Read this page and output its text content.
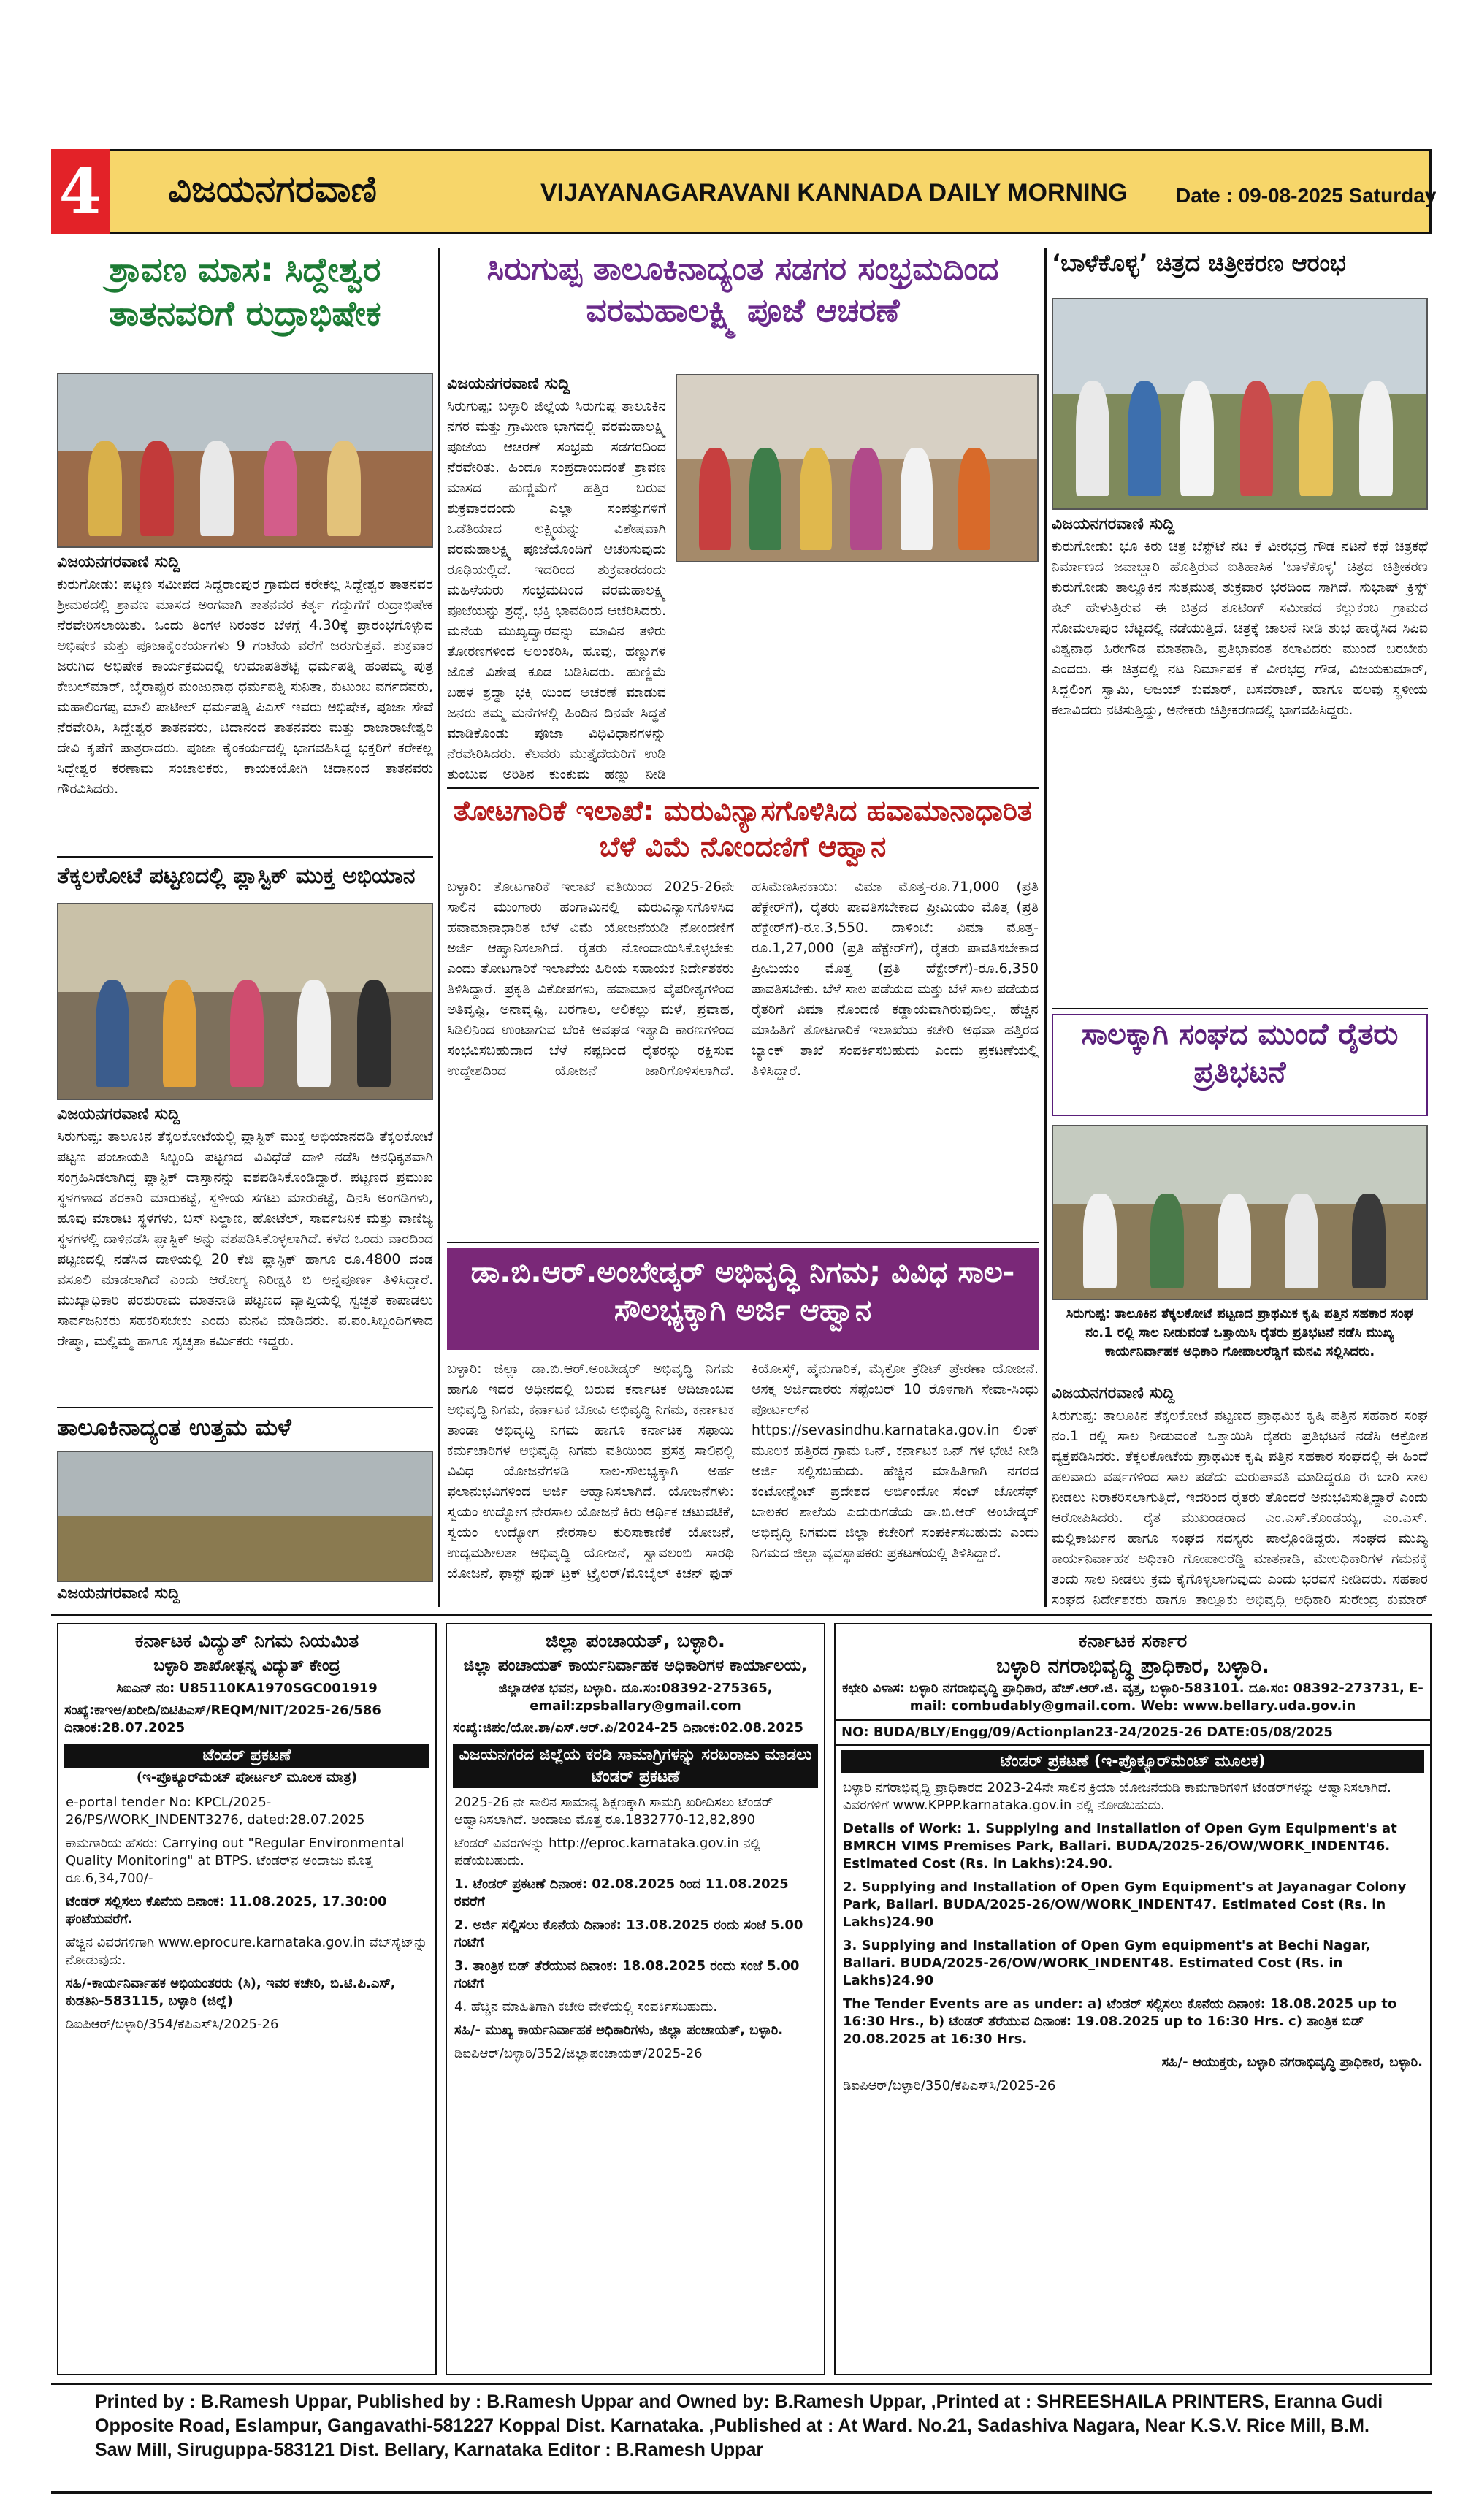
4 ವಿಜಯನಗರವಾಣಿ	VIJAYANAGARAVANI KANNADA DAILY MORNING Date : 09-08-2025 Saturday
ಶ್ರಾವಣ ಮಾಸ: ಸಿದ್ದೇಶ್ವರ ತಾತನವರಿಗೆ ರುದ್ರಾಭಿಷೇಕ
ವಿಜಯನಗರವಾಣಿ ಸುದ್ದಿ
ಕುರುಗೋಡು: ಪಟ್ಟಣ ಸಮೀಪದ ಸಿದ್ದರಾಂಪುರ ಗ್ರಾಮದ ಕರೇಕಲ್ಲ ಸಿದ್ದೇಶ್ವರ ತಾತನವರ ಶ್ರೀಮಠದಲ್ಲಿ ಶ್ರಾವಣ ಮಾಸದ ಅಂಗವಾಗಿ ತಾತನವರ ಕರ್ತೃ ಗದ್ದುಗೆಗೆ ರುದ್ರಾಭಿಷೇಕ ನೆರವೇರಿಸಲಾಯಿತು. ಒಂದು ತಿಂಗಳ ನಿರಂತರ ಬೆಳಗ್ಗೆ 4.30ಕ್ಕೆ ಪ್ರಾರಂಭಗೊಳ್ಳುವ ಅಭಿಷೇಕ ಮತ್ತು ಪೂಜಾಕೈಂಕರ್ಯಗಳು 9 ಗಂಟೆಯ ವರೆಗೆ ಜರುಗುತ್ತವೆ. ಶುಕ್ರವಾರ ಜರುಗಿದ ಅಭಿಷೇಕ ಕಾರ್ಯಕ್ರಮದಲ್ಲಿ ಉಮಾಪತಿಶೆಟ್ಟಿ ಧರ್ಮಪತ್ನಿ ಹಂಪಮ್ಮ ಪುತ್ರ ಕೇಬಲ್‌ಮಾರ್, ಬೈರಾಪ್ಪುರ ಮಂಜುನಾಥ ಧರ್ಮಪತ್ನಿ ಸುನಿತಾ, ಕುಟುಂಬ ವರ್ಗದವರು, ಮಹಾಲಿಂಗಪ್ಪ ಮಾಲಿ ಪಾಟೀಲ್ ಧರ್ಮಪತ್ನಿ ಪಿಎಸ್ ಇವರು ಅಭಿಷೇಕ, ಪೂಜಾ ಸೇವೆ ನೆರವೇರಿಸಿ, ಸಿದ್ದೇಶ್ವರ ತಾತನವರು, ಚಿದಾನಂದ ತಾತನವರು ಮತ್ತು ರಾಜಾರಾಜೇಶ್ವರಿ ದೇವಿ ಕೃಪೆಗೆ ಪಾತ್ರರಾದರು. ಪೂಜಾ ಕೈಂಕರ್ಯದಲ್ಲಿ ಭಾಗವಹಿಸಿದ್ದ ಭಕ್ತರಿಗೆ ಕರೇಕಲ್ಲ ಸಿದ್ದೇಶ್ವರ ಕರಣಾಮ ಸಂಚಾಲಕರು, ಕಾಯಕಯೋಗಿ ಚಿದಾನಂದ ತಾತನವರು ಗೌರವಿಸಿದರು.
ತೆಕ್ಕಲಕೋಟೆ ಪಟ್ಟಣದಲ್ಲಿ ಪ್ಲಾಸ್ಟಿಕ್ ಮುಕ್ತ ಅಭಿಯಾನ
ವಿಜಯನಗರವಾಣಿ ಸುದ್ದಿ
ಸಿರುಗುಪ್ಪ: ತಾಲೂಕಿನ ತೆಕ್ಕಲಕೋಟೆಯಲ್ಲಿ ಪ್ಲಾಸ್ಟಿಕ್ ಮುಕ್ತ ಅಭಿಯಾನದಡಿ ತೆಕ್ಕಲಕೋಟೆ ಪಟ್ಟಣ ಪಂಚಾಯತಿ ಸಿಬ್ಬಂದಿ ಪಟ್ಟಣದ ವಿವಿಧೆಡೆ ದಾಳಿ ನಡೆಸಿ ಅನಧಿಕೃತವಾಗಿ ಸಂಗ್ರಹಿಸಿಡಲಾಗಿದ್ದ ಪ್ಲಾಸ್ಟಿಕ್ ದಾಸ್ತಾನನ್ನು ವಶಪಡಿಸಿಕೊಂಡಿದ್ದಾರೆ. ಪಟ್ಟಣದ ಪ್ರಮುಖ ಸ್ಥಳಗಳಾದ ತರಕಾರಿ ಮಾರುಕಟ್ಟೆ, ಸ್ಥಳೀಯ ಸಗಟು ಮಾರುಕಟ್ಟೆ, ದಿನಸಿ ಅಂಗಡಿಗಳು, ಹೂವು ಮಾರಾಟ ಸ್ಥಳಗಳು, ಬಸ್ ನಿಲ್ದಾಣ, ಹೋಟೆಲ್, ಸಾರ್ವಜನಿಕ ಮತ್ತು ವಾಣಿಜ್ಯ ಸ್ಥಳಗಳಲ್ಲಿ ದಾಳಿನಡೆಸಿ ಪ್ಲಾಸ್ಟಿಕ್ ಅನ್ನು ವಶಪಡಿಸಿಕೊಳ್ಳಲಾಗಿದೆ. ಕಳೆದ ಒಂದು ವಾರದಿಂದ ಪಟ್ಟಣದಲ್ಲಿ ನಡೆಸಿದ ದಾಳಿಯಲ್ಲಿ 20 ಕೆಜಿ ಪ್ಲಾಸ್ಟಿಕ್ ಹಾಗೂ ರೂ.4800 ದಂಡ ವಸೂಲಿ ಮಾಡಲಾಗಿದೆ ಎಂದು ಆರೋಗ್ಯ ನಿರೀಕ್ಷಕಿ ಬಿ ಅನ್ನಪೂರ್ಣ ತಿಳಿಸಿದ್ದಾರೆ. ಮುಖ್ಯಾಧಿಕಾರಿ ಪರಶುರಾಮ ಮಾತನಾಡಿ ಪಟ್ಟಣದ ವ್ಯಾಪ್ತಿಯಲ್ಲಿ ಸ್ವಚ್ಛತೆ ಕಾಪಾಡಲು ಸಾರ್ವಜನಿಕರು ಸಹಕರಿಸಬೇಕು ಎಂದು ಮನವಿ ಮಾಡಿದರು. ಪ.ಪಂ.ಸಿಬ್ಬಂದಿಗಳಾದ ರೇಷ್ಮಾ, ಮಲ್ಲಿಮ್ಮ ಹಾಗೂ ಸ್ವಚ್ಛತಾ ಕರ್ಮಿಕರು ಇದ್ದರು.
ತಾಲೂಕಿನಾದ್ಯಂತ ಉತ್ತಮ ಮಳೆ
ವಿಜಯನಗರವಾಣಿ ಸುದ್ದಿ
ಸಿರುಗುಪ್ಪ ತಾಲೂಕಿನಾದ್ಯಂತ ಸಡಗರ ಸಂಭ್ರಮದಿಂದ ವರಮಹಾಲಕ್ಷ್ಮಿ ಪೂಜೆ ಆಚರಣೆ
ವಿಜಯನಗರವಾಣಿ ಸುದ್ದಿ
ಸಿರುಗುಪ್ಪ: ಬಳ್ಳಾರಿ ಜಿಲ್ಲೆಯ ಸಿರುಗುಪ್ಪ ತಾಲೂಕಿನ ನಗರ ಮತ್ತು ಗ್ರಾಮೀಣ ಭಾಗದಲ್ಲಿ ವರಮಹಾಲಕ್ಷ್ಮಿ ಪೂಜೆಯ ಆಚರಣೆ ಸಂಭ್ರಮ ಸಡಗರದಿಂದ ನೆರವೇರಿತು. ಹಿಂದೂ ಸಂಪ್ರದಾಯದಂತೆ ಶ್ರಾವಣ ಮಾಸದ ಹುಣ್ಣಿಮೆಗೆ ಹತ್ತಿರ ಬರುವ ಶುಕ್ರವಾರದಂದು ಎಲ್ಲಾ ಸಂಪತ್ತುಗಳಿಗೆ ಒಡೆತಿಯಾದ ಲಕ್ಷ್ಮಿಯನ್ನು ವಿಶೇಷವಾಗಿ ವರಮಹಾಲಕ್ಷ್ಮಿ ಪೂಜೆಯೊಂದಿಗೆ ಆಚರಿಸುವುದು ರೂಢಿಯಲ್ಲಿದೆ. ಇದರಿಂದ ಶುಕ್ರವಾರದಂದು ಮಹಿಳೆಯರು ಸಂಭ್ರಮದಿಂದ ವರಮಹಾಲಕ್ಷ್ಮಿ ಪೂಜೆಯನ್ನು ಶ್ರದ್ಧೆ, ಭಕ್ತಿ ಭಾವದಿಂದ ಆಚರಿಸಿದರು. ಮನೆಯ ಮುಖ್ಯದ್ವಾರವನ್ನು ಮಾವಿನ ತಳಿರು ತೋರಣಗಳಿಂದ ಅಲಂಕರಿಸಿ, ಹೂವು, ಹಣ್ಣುಗಳ ಜೊತೆ ವಿಶೇಷ ಕೂಡ ಬಡಿಸಿದರು. ಹುಣ್ಣಿಮೆ ಬಹಳ ಶ್ರದ್ಧಾ ಭಕ್ತಿ ಯಿಂದ ಆಚರಣೆ ಮಾಡುವ ಜನರು ತಮ್ಮ ಮನೆಗಳಲ್ಲಿ ಹಿಂದಿನ ದಿನವೇ ಸಿದ್ಧತೆ ಮಾಡಿಕೊಂಡು ಪೂಜಾ ವಿಧಿವಿಧಾನಗಳನ್ನು ನೆರವೇರಿಸಿದರು. ಕೆಲವರು ಮುತ್ತೈದೆಯರಿಗೆ ಉಡಿ ತುಂಬುವ ಅರಿಶಿನ ಕುಂಕುಮ ಹಣ್ಣು ನೀಡಿ
ತೋಟಗಾರಿಕೆ ಇಲಾಖೆ: ಮರುವಿನ್ಯಾಸಗೊಳಿಸಿದ ಹವಾಮಾನಾಧಾರಿತ ಬೆಳೆ ವಿಮೆ ನೋಂದಣಿಗೆ ಆಹ್ವಾನ
ಬಳ್ಳಾರಿ: ತೋಟಗಾರಿಕೆ ಇಲಾಖೆ ವತಿಯಿಂದ 2025-26ನೇ ಸಾಲಿನ ಮುಂಗಾರು ಹಂಗಾಮಿನಲ್ಲಿ ಮರುವಿನ್ಯಾಸಗೊಳಿಸಿದ ಹವಾಮಾನಾಧಾರಿತ ಬೆಳೆ ವಿಮೆ ಯೋಜನೆಯಡಿ ನೋಂದಣಿಗೆ ಅರ್ಜಿ ಆಹ್ವಾನಿಸಲಾಗಿದೆ. ರೈತರು ನೋಂದಾಯಿಸಿಕೊಳ್ಳಬೇಕು ಎಂದು ತೋಟಗಾರಿಕೆ ಇಲಾಖೆಯ ಹಿರಿಯ ಸಹಾಯಕ ನಿರ್ದೇಶಕರು ತಿಳಿಸಿದ್ದಾರೆ. ಪ್ರಕೃತಿ ವಿಕೋಪಗಳು, ಹವಾಮಾನ ವೈಪರೀತ್ಯಗಳಿಂದ ಅತಿವೃಷ್ಟಿ, ಅನಾವೃಷ್ಟಿ, ಬರಗಾಲ, ಆಲಿಕಲ್ಲು ಮಳೆ, ಪ್ರವಾಹ, ಸಿಡಿಲಿನಿಂದ ಉಂಟಾಗುವ ಬೆಂಕಿ ಅವಘಡ ಇತ್ಯಾದಿ ಕಾರಣಗಳಿಂದ ಸಂಭವಿಸಬಹುದಾದ ಬೆಳೆ ನಷ್ಟದಿಂದ ರೈತರನ್ನು ರಕ್ಷಿಸುವ ಉದ್ದೇಶದಿಂದ ಯೋಜನೆ ಜಾರಿಗೊಳಿಸಲಾಗಿದೆ. ಹಸಿಮೆಣಸಿನಕಾಯಿ: ವಿಮಾ ಮೊತ್ತ-ರೂ.71,000 (ಪ್ರತಿ ಹೆಕ್ಟೇರ್‌ಗೆ), ರೈತರು ಪಾವತಿಸಬೇಕಾದ ಪ್ರೀಮಿಯಂ ಮೊತ್ತ (ಪ್ರತಿ ಹೆಕ್ಟೇರ್‌ಗೆ)-ರೂ.3,550. ದಾಳಿಂಬೆ: ವಿಮಾ ಮೊತ್ತ-ರೂ.1,27,000 (ಪ್ರತಿ ಹೆಕ್ಟೇರ್‌ಗೆ), ರೈತರು ಪಾವತಿಸಬೇಕಾದ ಪ್ರೀಮಿಯಂ ಮೊತ್ತ (ಪ್ರತಿ ಹೆಕ್ಟೇರ್‌ಗೆ)-ರೂ.6,350 ಪಾವತಿಸಬೇಕು. ಬೆಳೆ ಸಾಲ ಪಡೆಯದ ಮತ್ತು ಬೆಳೆ ಸಾಲ ಪಡೆಯದ ರೈತರಿಗೆ ವಿಮಾ ನೊಂದಣಿ ಕಡ್ಡಾಯವಾಗಿರುವುದಿಲ್ಲ. ಹೆಚ್ಚಿನ ಮಾಹಿತಿಗೆ ತೋಟಗಾರಿಕೆ ಇಲಾಖೆಯ ಕಚೇರಿ ಅಥವಾ ಹತ್ತಿರದ ಬ್ಯಾಂಕ್ ಶಾಖೆ ಸಂಪರ್ಕಿಸಬಹುದು ಎಂದು ಪ್ರಕಟಣೆಯಲ್ಲಿ ತಿಳಿಸಿದ್ದಾರೆ.
ಡಾ.ಬಿ.ಆರ್.ಅಂಬೇಡ್ಕರ್ ಅಭಿವೃದ್ಧಿ ನಿಗಮ; ವಿವಿಧ ಸಾಲ-ಸೌಲಭ್ಯಕ್ಕಾಗಿ ಅರ್ಜಿ ಆಹ್ವಾನ
ಬಳ್ಳಾರಿ: ಜಿಲ್ಲಾ ಡಾ.ಬಿ.ಆರ್.ಅಂಬೇಡ್ಕರ್ ಅಭಿವೃದ್ಧಿ ನಿಗಮ ಹಾಗೂ ಇದರ ಅಧೀನದಲ್ಲಿ ಬರುವ ಕರ್ನಾಟಕ ಆದಿಜಾಂಬವ ಅಭಿವೃದ್ಧಿ ನಿಗಮ, ಕರ್ನಾಟಕ ಬೋವಿ ಅಭಿವೃದ್ಧಿ ನಿಗಮ, ಕರ್ನಾಟಕ ತಾಂಡಾ ಅಭಿವೃದ್ಧಿ ನಿಗಮ ಹಾಗೂ ಕರ್ನಾಟಕ ಸಫಾಯಿ ಕರ್ಮಚಾರಿಗಳ ಅಭಿವೃದ್ಧಿ ನಿಗಮ ವತಿಯಿಂದ ಪ್ರಸಕ್ತ ಸಾಲಿನಲ್ಲಿ ವಿವಿಧ ಯೋಜನೆಗಳಡಿ ಸಾಲ-ಸೌಲಭ್ಯಕ್ಕಾಗಿ ಅರ್ಹ ಫಲಾನುಭವಿಗಳಿಂದ ಅರ್ಜಿ ಆಹ್ವಾನಿಸಲಾಗಿದೆ. ಯೋಜನೆಗಳು: ಸ್ವಯಂ ಉದ್ಯೋಗ ನೇರಸಾಲ ಯೋಜನೆ ಕಿರು ಆರ್ಥಿಕ ಚಟುವಟಿಕೆ, ಸ್ವಯಂ ಉದ್ಯೋಗ ನೇರಸಾಲ ಕುರಿಸಾಕಾಣಿಕೆ ಯೋಜನೆ, ಉದ್ಯಮಶೀಲತಾ ಅಭಿವೃದ್ಧಿ ಯೋಜನೆ, ಸ್ವಾವಲಂಬಿ ಸಾರಥಿ ಯೋಜನೆ, ಫಾಸ್ಟ್ ಫುಡ್ ಟ್ರಕ್ ಟ್ರೈಲರ್/ಮೊಬೈಲ್ ಕಿಚನ್ ಫುಡ್ ಕಿಯೋಸ್ಕ್, ಹೈನುಗಾರಿಕೆ, ಮೈಕ್ರೋ ಕ್ರೆಡಿಟ್ ಪ್ರೇರಣಾ ಯೋಜನೆ. ಆಸಕ್ತ ಅರ್ಜಿದಾರರು ಸೆಪ್ಟೆಂಬರ್ 10 ರೊಳಗಾಗಿ ಸೇವಾ-ಸಿಂಧು ಪೋರ್ಟಲ್‌ನ https://sevasindhu.karnataka.gov.in ಲಿಂಕ್ ಮೂಲಕ ಹತ್ತಿರದ ಗ್ರಾಮ ಒನ್, ಕರ್ನಾಟಕ ಒನ್ ಗಳ ಭೇಟಿ ನೀಡಿ ಅರ್ಜಿ ಸಲ್ಲಿಸಬಹುದು. ಹೆಚ್ಚಿನ ಮಾಹಿತಿಗಾಗಿ ನಗರದ ಕಂಟೋನ್ಮೆಂಟ್ ಪ್ರದೇಶದ ಅರ್ಬಿಂದೋ ಸೆಂಟ್ ಜೋಸೆಫ್ ಬಾಲಕರ ಶಾಲೆಯ ಎದುರುಗಡೆಯ ಡಾ.ಬಿ.ಆರ್ ಅಂಬೇಡ್ಕರ್ ಅಭಿವೃದ್ಧಿ ನಿಗಮದ ಜಿಲ್ಲಾ ಕಚೇರಿಗೆ ಸಂಪರ್ಕಿಸಬಹುದು ಎಂದು ನಿಗಮದ ಜಿಲ್ಲಾ ವ್ಯವಸ್ಥಾಪಕರು ಪ್ರಕಟಣೆಯಲ್ಲಿ ತಿಳಿಸಿದ್ದಾರೆ.
‘ಬಾಳೆಕೊಳ್ಳ’ ಚಿತ್ರದ ಚಿತ್ರೀಕರಣ ಆರಂಭ
ವಿಜಯನಗರವಾಣಿ ಸುದ್ದಿ
ಕುರುಗೋಡು: ಭೂ ಕಿರು ಚಿತ್ರ ಬೆಸ್ಟ್‌ಟೆ ನಟ ಕೆ ವೀರಭದ್ರ ಗೌಡ ನಟನೆ ಕಥೆ ಚಿತ್ರಕಥೆ ನಿರ್ಮಾಣದ ಜವಾಬ್ದಾರಿ ಹೊತ್ತಿರುವ ಐತಿಹಾಸಿಕ 'ಬಾಳೆಕೊಳ್ಳ' ಚಿತ್ರದ ಚಿತ್ರೀಕರಣ ಕುರುಗೋಡು ತಾಲ್ಲೂಕಿನ ಸುತ್ತಮುತ್ತ ಶುಕ್ರವಾರ ಭರದಿಂದ ಸಾಗಿದೆ. ಸುಭಾಷ್ ಕ್ರಿಸ್ನ್ ಕಟ್ ಹೇಳುತ್ತಿರುವ ಈ ಚಿತ್ರದ ಶೂಟಿಂಗ್ ಸಮೀಪದ ಕಲ್ಲುಕಂಬ ಗ್ರಾಮದ ಸೋಮಲಾಪುರ ಬೆಟ್ಟದಲ್ಲಿ ನಡೆಯುತ್ತಿದೆ. ಚಿತ್ರಕ್ಕೆ ಚಾಲನೆ ನೀಡಿ ಶುಭ ಹಾರೈಸಿದ ಸಿಪಿಐ ವಿಶ್ವನಾಥ ಹಿರೇಗೌಡ ಮಾತನಾಡಿ, ಪ್ರತಿಭಾವಂತ ಕಲಾವಿದರು ಮುಂದೆ ಬರಬೇಕು ಎಂದರು. ಈ ಚಿತ್ರದಲ್ಲಿ ನಟ ನಿರ್ಮಾಪಕ ಕೆ ವೀರಭದ್ರ ಗೌಡ, ವಿಜಯಕುಮಾರ್, ಸಿದ್ದಲಿಂಗ ಸ್ವಾಮಿ, ಅಜಯ್ ಕುಮಾರ್, ಬಸವರಾಜ್, ಹಾಗೂ ಹಲವು ಸ್ಥಳೀಯ ಕಲಾವಿದರು ನಟಿಸುತ್ತಿದ್ದು, ಅನೇಕರು ಚಿತ್ರೀಕರಣದಲ್ಲಿ ಭಾಗವಹಿಸಿದ್ದರು.
ಸಾಲಕ್ಕಾಗಿ ಸಂಘದ ಮುಂದೆ ರೈತರು ಪ್ರತಿಭಟನೆ
ಸಿರುಗುಪ್ಪ: ತಾಲೂಕಿನ ತೆಕ್ಕಲಕೋಟೆ ಪಟ್ಟಣದ ಪ್ರಾಥಮಿಕ ಕೃಷಿ ಪತ್ತಿನ ಸಹಕಾರ ಸಂಘ ನಂ.1 ರಲ್ಲಿ ಸಾಲ ನೀಡುವಂತೆ ಒತ್ತಾಯಿಸಿ ರೈತರು ಪ್ರತಿಭಟನೆ ನಡೆಸಿ ಮುಖ್ಯ ಕಾರ್ಯನಿರ್ವಾಹಕ ಅಧಿಕಾರಿ ಗೋಪಾಲರೆಡ್ಡಿಗೆ ಮನವಿ ಸಲ್ಲಿಸಿದರು.
ವಿಜಯನಗರವಾಣಿ ಸುದ್ದಿ
ಸಿರುಗುಪ್ಪ: ತಾಲೂಕಿನ ತೆಕ್ಕಲಕೋಟೆ ಪಟ್ಟಣದ ಪ್ರಾಥಮಿಕ ಕೃಷಿ ಪತ್ತಿನ ಸಹಕಾರ ಸಂಘ ನಂ.1 ರಲ್ಲಿ ಸಾಲ ನೀಡುವಂತೆ ಒತ್ತಾಯಿಸಿ ರೈತರು ಪ್ರತಿಭಟನೆ ನಡೆಸಿ ಆಕ್ರೋಶ ವ್ಯಕ್ತಪಡಿಸಿದರು. ತೆಕ್ಕಲಕೋಟೆಯ ಪ್ರಾಥಮಿಕ ಕೃಷಿ ಪತ್ತಿನ ಸಹಕಾರ ಸಂಘದಲ್ಲಿ ಈ ಹಿಂದೆ ಹಲವಾರು ವರ್ಷಗಳಿಂದ ಸಾಲ ಪಡೆದು ಮರುಪಾವತಿ ಮಾಡಿದ್ದರೂ ಈ ಬಾರಿ ಸಾಲ ನೀಡಲು ನಿರಾಕರಿಸಲಾಗುತ್ತಿದೆ, ಇದರಿಂದ ರೈತರು ತೊಂದರೆ ಅನುಭವಿಸುತ್ತಿದ್ದಾರೆ ಎಂದು ಆರೋಪಿಸಿದರು. ರೈತ ಮುಖಂಡರಾದ ಎಂ.ಎಸ್.ಕೊಂಡಯ್ಯ, ಎಂ.ಎಸ್. ಮಲ್ಲಿಕಾರ್ಜುನ ಹಾಗೂ ಸಂಘದ ಸದಸ್ಯರು ಪಾಲ್ಗೊಂಡಿದ್ದರು. ಸಂಘದ ಮುಖ್ಯ ಕಾರ್ಯನಿರ್ವಾಹಕ ಅಧಿಕಾರಿ ಗೋಪಾಲರೆಡ್ಡಿ ಮಾತನಾಡಿ, ಮೇಲಧಿಕಾರಿಗಳ ಗಮನಕ್ಕೆ ತಂದು ಸಾಲ ನೀಡಲು ಕ್ರಮ ಕೈಗೊಳ್ಳಲಾಗುವುದು ಎಂದು ಭರವಸೆ ನೀಡಿದರು. ಸಹಕಾರ ಸಂಘದ ನಿರ್ದೇಶಕರು ಹಾಗೂ ತಾಲ್ಲೂಕು ಅಭಿವೃದ್ಧಿ ಅಧಿಕಾರಿ ಸುರೇಂದ್ರ ಕುಮಾರ್
ಕರ್ನಾಟಕ ವಿದ್ಯುತ್ ನಿಗಮ ನಿಯಮಿತ
ಬಳ್ಳಾರಿ ಶಾಖೋತ್ಪನ್ನ ವಿದ್ಯುತ್ ಕೇಂದ್ರ
ಸಿಐಎನ್ ನಂ: U85110KA1970SGC001919
ಸಂಖ್ಯೆ:ಕಾಇಅ/ಖರೀದಿ/ಬಿಟಿಪಿಎಸ್/REQM/NIT/2025-26/586 ದಿನಾಂಕ:28.07.2025
ಟೆಂಡರ್ ಪ್ರಕಟಣೆ
(ಇ-ಪ್ರೊಕ್ಯೂರ್‌ಮೆಂಟ್ ಪೋರ್ಟಲ್ ಮೂಲಕ ಮಾತ್ರ)
e-portal tender No: KPCL/2025-26/PS/WORK_INDENT3276, dated:28.07.2025
ಕಾಮಗಾರಿಯ ಹೆಸರು: Carrying out "Regular Environmental Quality Monitoring" at BTPS. ಟೆಂಡರ್‌ನ ಅಂದಾಜು ಮೊತ್ತ ರೂ.6,34,700/-
ಟೆಂಡರ್ ಸಲ್ಲಿಸಲು ಕೊನೆಯ ದಿನಾಂಕ: 11.08.2025, 17.30:00 ಘಂಟೆಯವರೆಗೆ.
ಹೆಚ್ಚಿನ ವಿವರಗಳಿಗಾಗಿ www.eprocure.karnataka.gov.in ವೆಬ್‌ಸೈಟ್‌ನ್ನು ನೋಡುವುದು.
ಸಹಿ/-ಕಾರ್ಯನಿರ್ವಾಹಕ ಅಭಿಯಂತರರು (ಸಿ), ಇವರ ಕಚೇರಿ, ಬಿ.ಟಿ.ಪಿ.ಎಸ್, ಕುಡತಿನಿ-583115, ಬಳ್ಳಾರಿ (ಜಿಲ್ಲೆ)
ಡಿಐಪಿಆರ್/ಬಳ್ಳಾರಿ/354/ಕೆಪಿಎಸ್‌ಸಿ/2025-26
ಜಿಲ್ಲಾ ಪಂಚಾಯತ್, ಬಳ್ಳಾರಿ.
ಜಿಲ್ಲಾ ಪಂಚಾಯತ್ ಕಾರ್ಯನಿರ್ವಾಹಕ ಅಧಿಕಾರಿಗಳ ಕಾರ್ಯಾಲಯ,
ಜಿಲ್ಲಾಡಳಿತ ಭವನ, ಬಳ್ಳಾರಿ. ದೂ.ಸಂ:08392-275365, email:zpsballary@gmail.com
ಸಂಖ್ಯೆ:ಜಿಪಂ/ಯೋ.ಶಾ/ಎಸ್.ಆರ್.ಪಿ/2024-25 ದಿನಾಂಕ:02.08.2025
ವಿಜಯನಗರದ ಜಿಲ್ಲೆಯ ಕರಡಿ ಸಾಮಾಗ್ರಿಗಳನ್ನು ಸರಬರಾಜು ಮಾಡಲು ಟೆಂಡರ್ ಪ್ರಕಟಣೆ
2025-26 ನೇ ಸಾಲಿನ ಸಾಮಾನ್ಯ ಶಿಕ್ಷಣಕ್ಕಾಗಿ ಸಾಮಗ್ರಿ ಖರೀದಿಸಲು ಟೆಂಡರ್ ಆಹ್ವಾನಿಸಲಾಗಿದೆ. ಅಂದಾಜು ಮೊತ್ತ ರೂ.1832770-12,82,890
ಟೆಂಡರ್ ವಿವರಗಳನ್ನು http://eproc.karnataka.gov.in ನಲ್ಲಿ ಪಡೆಯಬಹುದು.
1. ಟೆಂಡರ್ ಪ್ರಕಟಣೆ ದಿನಾಂಕ: 02.08.2025 ರಿಂದ 11.08.2025 ರವರೆಗೆ
2. ಅರ್ಜಿ ಸಲ್ಲಿಸಲು ಕೊನೆಯ ದಿನಾಂಕ: 13.08.2025 ರಂದು ಸಂಜೆ 5.00 ಗಂಟೆಗೆ
3. ತಾಂತ್ರಿಕ ಬಿಡ್ ತೆರೆಯುವ ದಿನಾಂಕ: 18.08.2025 ರಂದು ಸಂಜೆ 5.00 ಗಂಟೆಗೆ
4. ಹೆಚ್ಚಿನ ಮಾಹಿತಿಗಾಗಿ ಕಚೇರಿ ವೇಳೆಯಲ್ಲಿ ಸಂಪರ್ಕಿಸಬಹುದು.
ಸಹಿ/- ಮುಖ್ಯ ಕಾರ್ಯನಿರ್ವಾಹಕ ಅಧಿಕಾರಿಗಳು, ಜಿಲ್ಲಾ ಪಂಚಾಯತ್, ಬಳ್ಳಾರಿ.
ಡಿಐಪಿಆರ್/ಬಳ್ಳಾರಿ/352/ಜಿಲ್ಲಾಪಂಚಾಯತ್/2025-26
ಕರ್ನಾಟಕ ಸರ್ಕಾರ
ಬಳ್ಳಾರಿ ನಗರಾಭಿವೃದ್ಧಿ ಪ್ರಾಧಿಕಾರ, ಬಳ್ಳಾರಿ.
ಕಛೇರಿ ವಿಳಾಸ: ಬಳ್ಳಾರಿ ನಗರಾಭಿವೃದ್ಧಿ ಪ್ರಾಧಿಕಾರ, ಹೆಚ್.ಆರ್.ಜಿ. ವೃತ್ತ, ಬಳ್ಳಾರಿ-583101. ದೂ.ಸಂ: 08392-273731, E-mail: combudably@gmail.com. Web: www.bellary.uda.gov.in
NO: BUDA/BLY/Engg/09/Actionplan23-24/2025-26 DATE:05/08/2025
ಟೆಂಡರ್ ಪ್ರಕಟಣೆ (ಇ-ಪ್ರೊಕ್ಯೂರ್‌ಮೆಂಟ್ ಮೂಲಕ)
ಬಳ್ಳಾರಿ ನಗರಾಭಿವೃದ್ಧಿ ಪ್ರಾಧಿಕಾರದ 2023-24ನೇ ಸಾಲಿನ ಕ್ರಿಯಾ ಯೋಜನೆಯಡಿ ಕಾಮಗಾರಿಗಳಿಗೆ ಟೆಂಡರ್‌ಗಳನ್ನು ಆಹ್ವಾನಿಸಲಾಗಿದೆ. ವಿವರಗಳಿಗೆ www.KPPP.karnataka.gov.in ನಲ್ಲಿ ನೋಡಬಹುದು.
Details of Work: 1. Supplying and Installation of Open Gym Equipment's at BMRCH VIMS Premises Park, Ballari. BUDA/2025-26/OW/WORK_INDENT46. Estimated Cost (Rs. in Lakhs):24.90.
2. Supplying and Installation of Open Gym Equipment's at Jayanagar Colony Park, Ballari. BUDA/2025-26/OW/WORK_INDENT47. Estimated Cost (Rs. in Lakhs)24.90
3. Supplying and Installation of Open Gym equipment's at Bechi Nagar, Ballari. BUDA/2025-26/OW/WORK_INDENT48. Estimated Cost (Rs. in Lakhs)24.90
The Tender Events are as under: a) ಟೆಂಡರ್ ಸಲ್ಲಿಸಲು ಕೊನೆಯ ದಿನಾಂಕ: 18.08.2025 up to 16:30 Hrs., b) ಟೆಂಡರ್ ತೆರೆಯುವ ದಿನಾಂಕ: 19.08.2025 up to 16:30 Hrs. c) ತಾಂತ್ರಿಕ ಬಿಡ್ 20.08.2025 at 16:30 Hrs.
ಸಹಿ/- ಆಯುಕ್ತರು, ಬಳ್ಳಾರಿ ನಗರಾಭಿವೃದ್ಧಿ ಪ್ರಾಧಿಕಾರ, ಬಳ್ಳಾರಿ.
ಡಿಐಪಿಆರ್/ಬಳ್ಳಾರಿ/350/ಕೆಪಿಎಸ್‌ಸಿ/2025-26
Printed by : B.Ramesh Uppar, Published by : B.Ramesh Uppar and Owned by: B.Ramesh Uppar, ,Printed at : SHREESHAILA PRINTERS, Eranna Gudi Opposite Road, Eslampur, Gangavathi-581227 Koppal Dist. Karnataka. ,Published at : At Ward. No.21, Sadashiva Nagara, Near K.S.V. Rice Mill, B.M. Saw Mill, Siruguppa-583121 Dist. Bellary, Karnataka Editor : B.Ramesh Uppar
